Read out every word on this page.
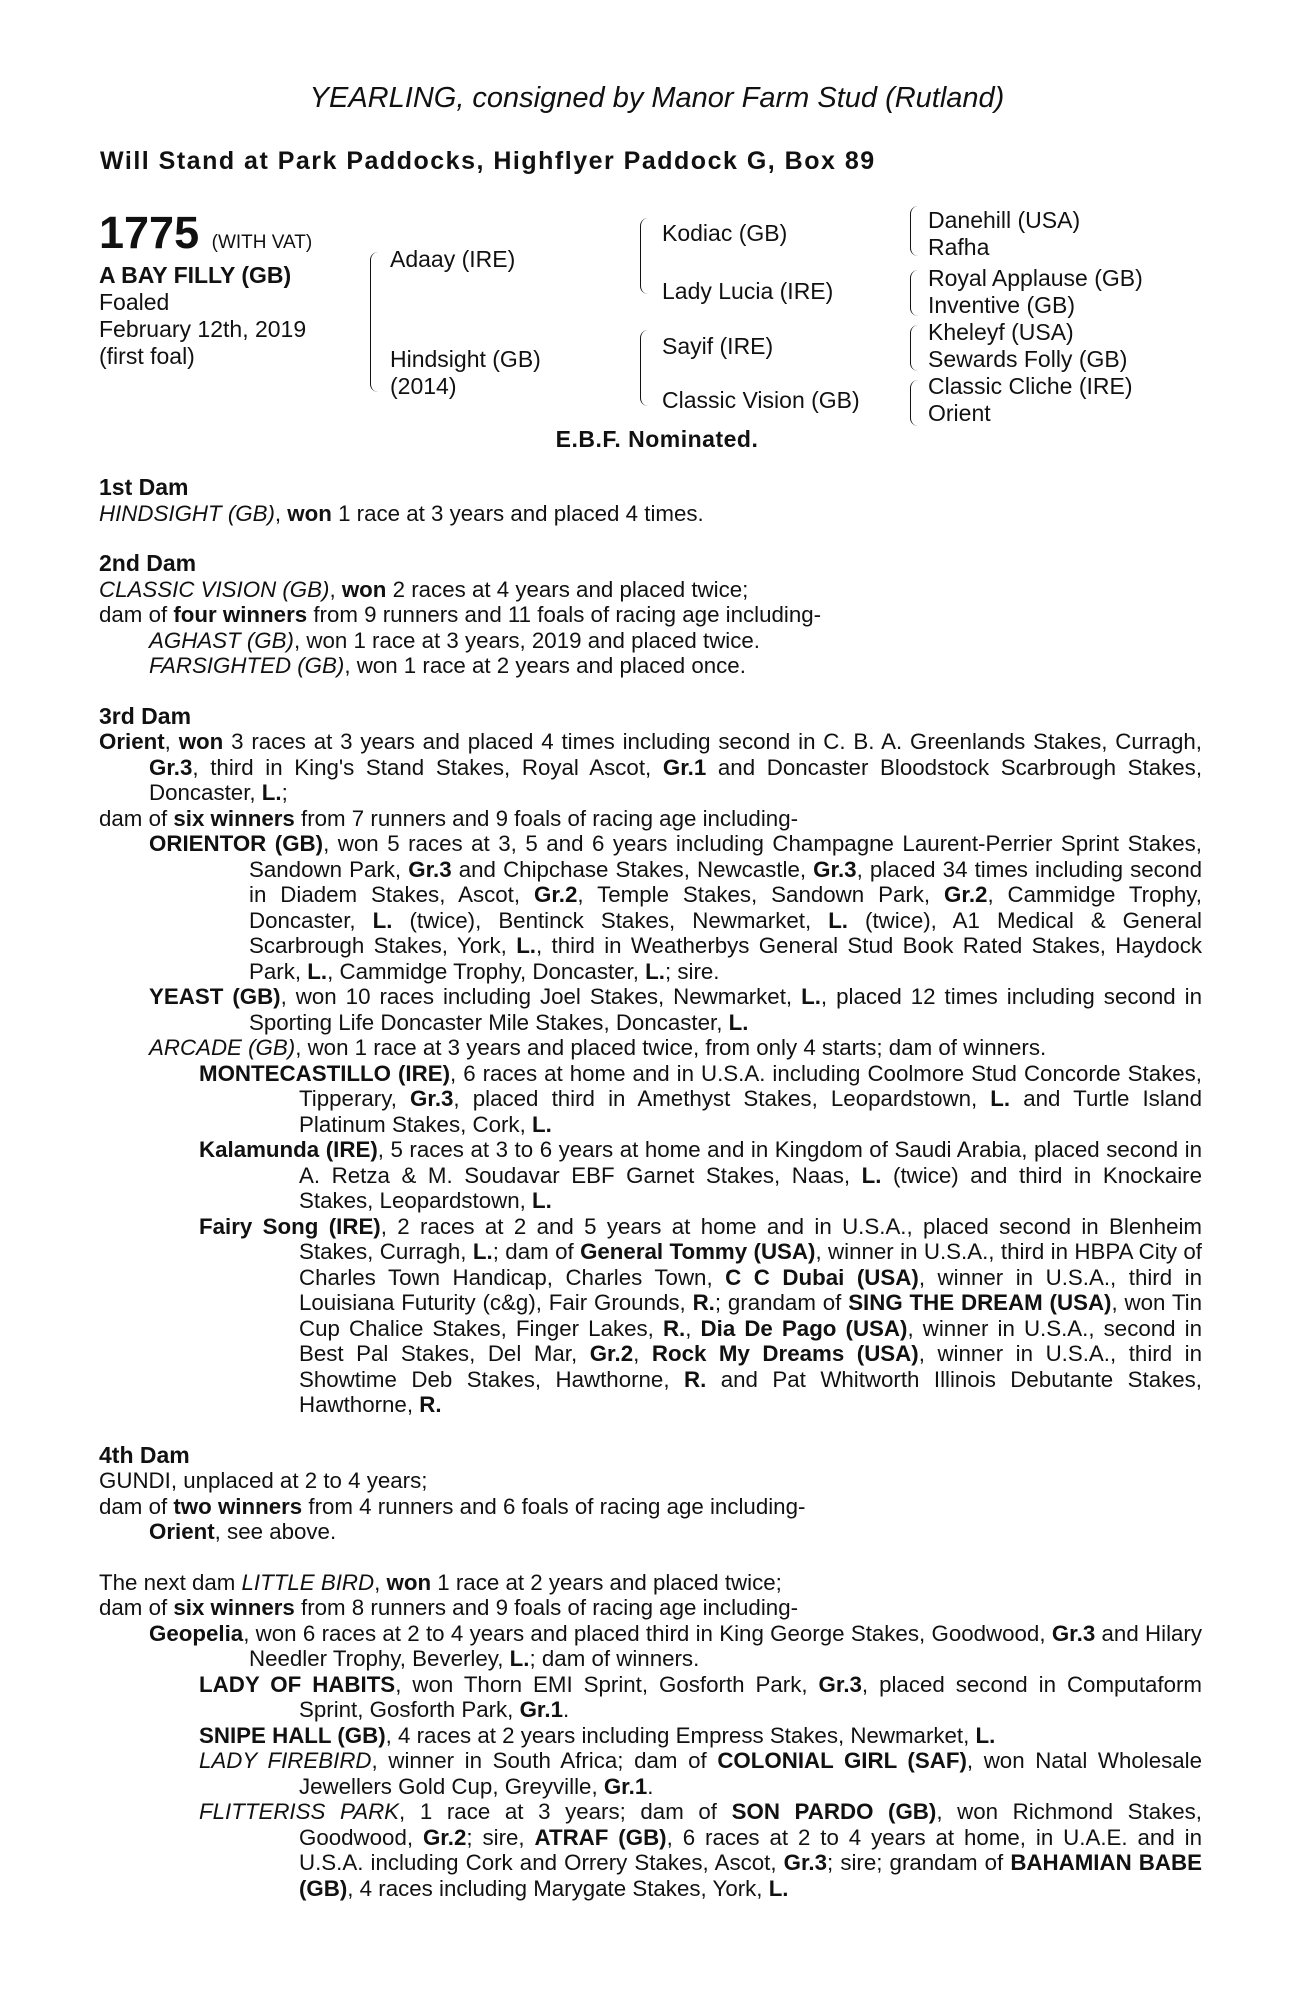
YEARLING, consigned by Manor Farm Stud (Rutland)
Will Stand at Park Paddocks, Highflyer Paddock G, Box 89
1775 (WITH VAT)
A BAY FILLY (GB)
Foaled
February 12th, 2019
(first foal)
Adaay (IRE)
Hindsight (GB)
(2014)
Kodiac (GB)
Lady Lucia (IRE)
Sayif (IRE)
Classic Vision (GB)
Danehill (USA)
Rafha
Royal Applause (GB)
Inventive (GB)
Kheleyf (USA)
Sewards Folly (GB)
Classic Cliche (IRE)
Orient
E.B.F. Nominated.
1st Dam

HINDSIGHT (GB), won 1 race at 3 years and placed 4 times.

2nd Dam

CLASSIC VISION (GB), won 2 races at 4 years and placed twice;

dam of four winners from 9 runners and 11 foals of racing age including-

AGHAST (GB), won 1 race at 3 years, 2019 and placed twice.

FARSIGHTED (GB), won 1 race at 2 years and placed once.

3rd Dam

Orient, won 3 races at 3 years and placed 4 times including second in C. B. A. Greenlands Stakes, Curragh, Gr.3, third in King's Stand Stakes, Royal Ascot, Gr.1 and Doncaster Bloodstock Scarbrough Stakes, Doncaster, L.;

dam of six winners from 7 runners and 9 foals of racing age including-

ORIENTOR (GB), won 5 races at 3, 5 and 6 years including Champagne Laurent-Perrier Sprint Stakes, Sandown Park, Gr.3 and Chipchase Stakes, Newcastle, Gr.3, placed 34 times including second in Diadem Stakes, Ascot, Gr.2, Temple Stakes, Sandown Park, Gr.2, Cammidge Trophy, Doncaster, L. (twice), Bentinck Stakes, Newmarket, L. (twice), A1 Medical & General Scarbrough Stakes, York, L., third in Weatherbys General Stud Book Rated Stakes, Haydock Park, L., Cammidge Trophy, Doncaster, L.; sire.

YEAST (GB), won 10 races including Joel Stakes, Newmarket, L., placed 12 times including second in Sporting Life Doncaster Mile Stakes, Doncaster, L.

ARCADE (GB), won 1 race at 3 years and placed twice, from only 4 starts; dam of winners.

MONTECASTILLO (IRE), 6 races at home and in U.S.A. including Coolmore Stud Concorde Stakes, Tipperary, Gr.3, placed third in Amethyst Stakes, Leopardstown, L. and Turtle Island Platinum Stakes, Cork, L.

Kalamunda (IRE), 5 races at 3 to 6 years at home and in Kingdom of Saudi Arabia, placed second in A. Retza & M. Soudavar EBF Garnet Stakes, Naas, L. (twice) and third in Knockaire Stakes, Leopardstown, L.

Fairy Song (IRE), 2 races at 2 and 5 years at home and in U.S.A., placed second in Blenheim Stakes, Curragh, L.; dam of General Tommy (USA), winner in U.S.A., third in HBPA City of Charles Town Handicap, Charles Town, C C Dubai (USA), winner in U.S.A., third in Louisiana Futurity (c&g), Fair Grounds, R.; grandam of SING THE DREAM (USA), won Tin Cup Chalice Stakes, Finger Lakes, R., Dia De Pago (USA), winner in U.S.A., second in Best Pal Stakes, Del Mar, Gr.2, Rock My Dreams (USA), winner in U.S.A., third in Showtime Deb Stakes, Hawthorne, R. and Pat Whitworth Illinois Debutante Stakes, Hawthorne, R.

4th Dam

GUNDI, unplaced at 2 to 4 years;

dam of two winners from 4 runners and 6 foals of racing age including-

Orient, see above.

The next dam LITTLE BIRD, won 1 race at 2 years and placed twice;

dam of six winners from 8 runners and 9 foals of racing age including-

Geopelia, won 6 races at 2 to 4 years and placed third in King George Stakes, Goodwood, Gr.3 and Hilary Needler Trophy, Beverley, L.; dam of winners.

LADY OF HABITS, won Thorn EMI Sprint, Gosforth Park, Gr.3, placed second in Computaform Sprint, Gosforth Park, Gr.1.

SNIPE HALL (GB), 4 races at 2 years including Empress Stakes, Newmarket, L.

LADY FIREBIRD, winner in South Africa; dam of COLONIAL GIRL (SAF), won Natal Wholesale Jewellers Gold Cup, Greyville, Gr.1.

FLITTERISS PARK, 1 race at 3 years; dam of SON PARDO (GB), won Richmond Stakes, Goodwood, Gr.2; sire, ATRAF (GB), 6 races at 2 to 4 years at home, in U.A.E. and in U.S.A. including Cork and Orrery Stakes, Ascot, Gr.3; sire; grandam of BAHAMIAN BABE (GB), 4 races including Marygate Stakes, York, L.
